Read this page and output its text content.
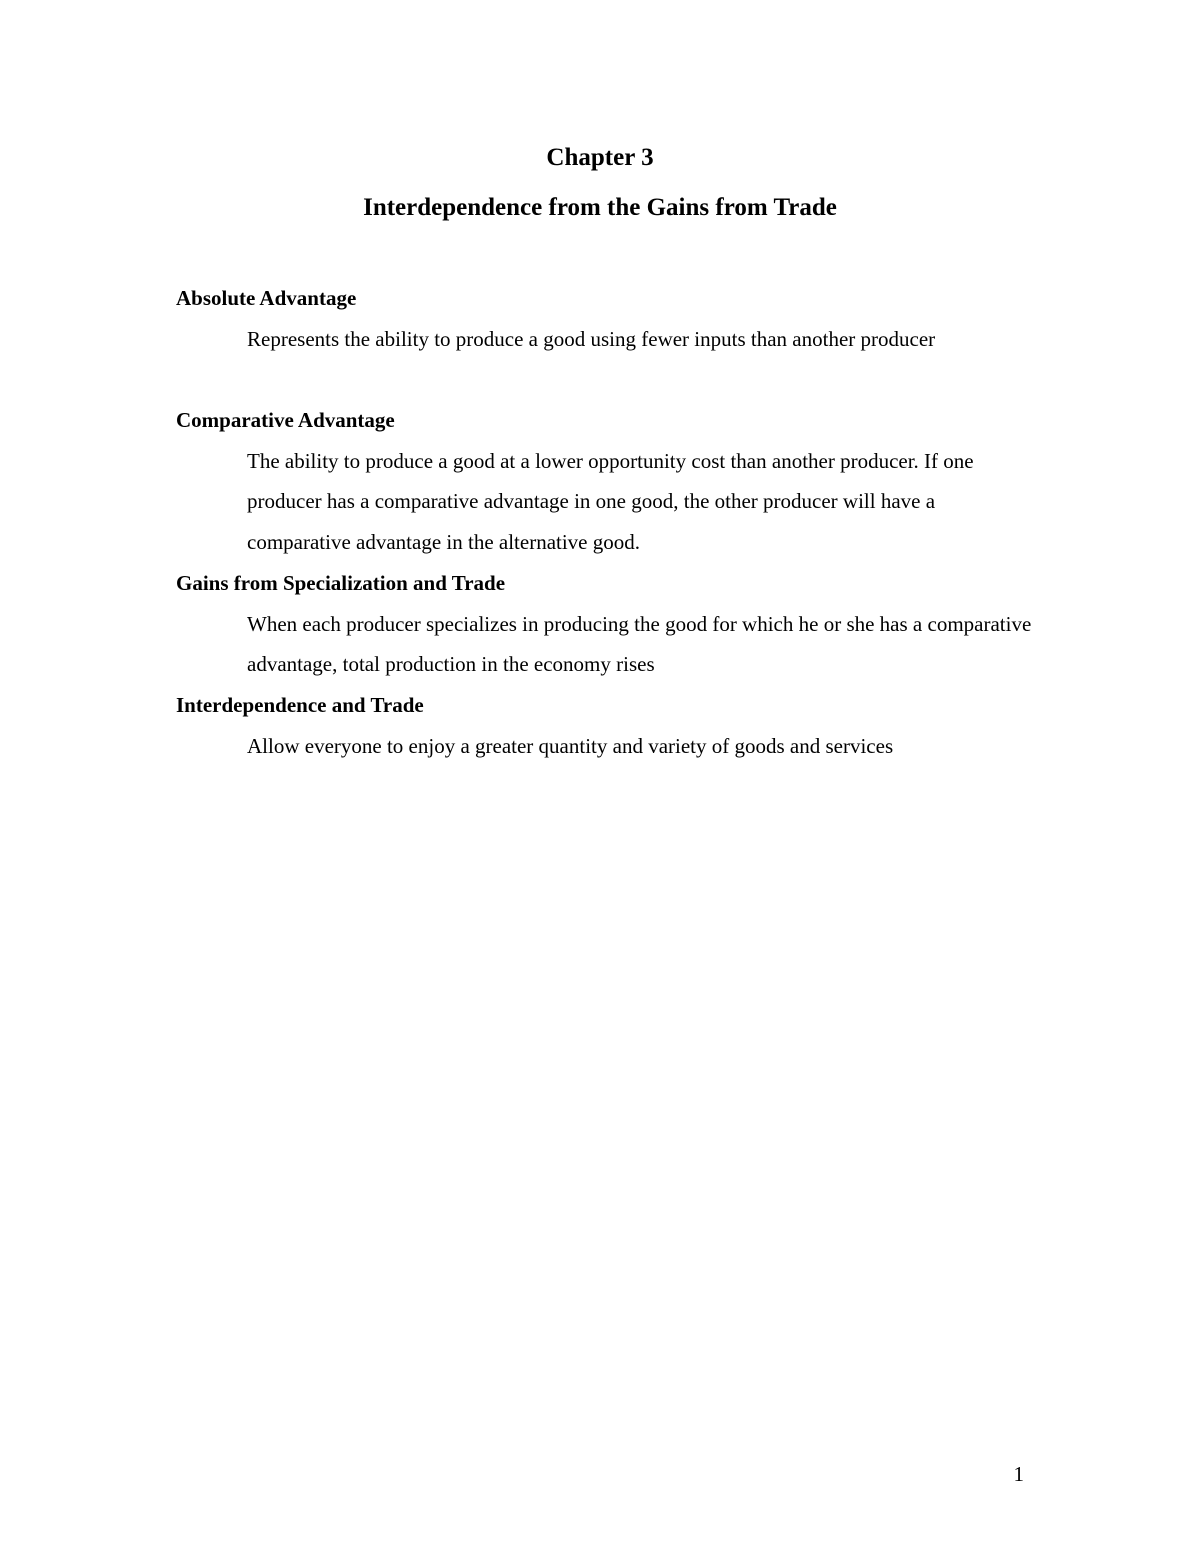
Chapter 3
Interdependence from the Gains from Trade

Absolute Advantage

Represents the ability to produce a good using fewer inputs than another producer

Comparative Advantage

The ability to produce a good at a lower opportunity cost than another producer. If one producer has a comparative advantage in one good, the other producer will have a comparative advantage in the alternative good.

Gains from Specialization and Trade

When each producer specializes in producing the good for which he or she has a comparative advantage, total production in the economy rises

Interdependence and Trade

Allow everyone to enjoy a greater quantity and variety of goods and services

1
